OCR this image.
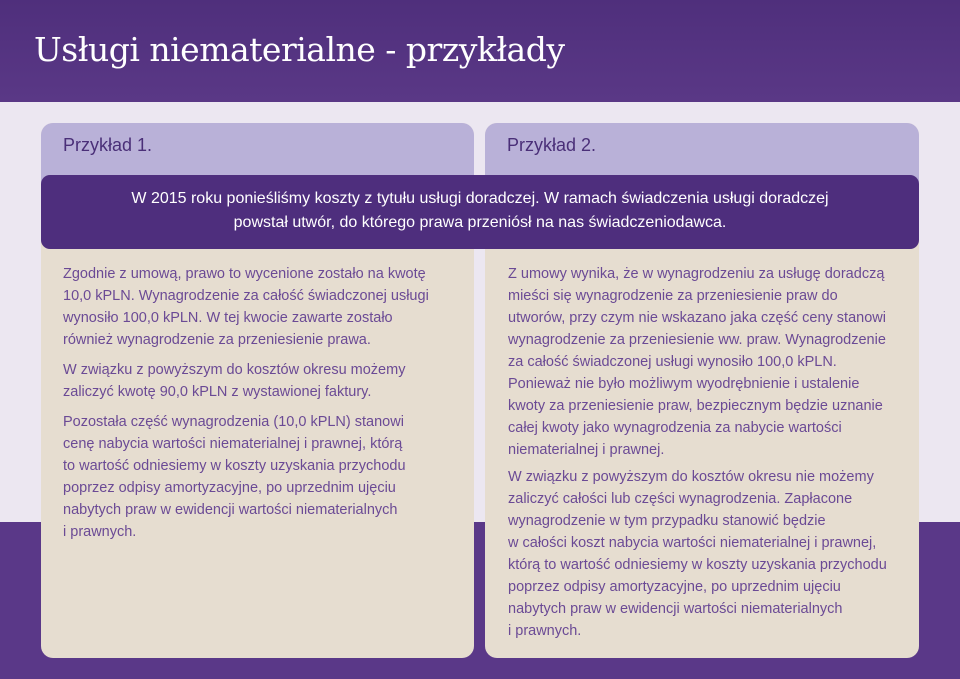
Usługi niematerialne - przykłady
Przykład 1.	Przykład 2.

W 2015 roku ponieśliśmy koszty z tytułu usługi doradczej. W ramach świadczenia usługi doradczej

powstał utwór, do którego prawa przeniósł na nas świadczeniodawca.

Zgodnie z umową, prawo to wycenione zostało na kwotę
10,0 kPLN. Wynagrodzenie za całość świadczonej usługi
wynosiło 100,0 kPLN. W tej kwocie zawarte zostało
również wynagrodzenie za przeniesienie prawa.

W związku z powyższym do kosztów okresu możemy
zaliczyć kwotę 90,0 kPLN z wystawionej faktury.

Pozostała część wynagrodzenia (10,0 kPLN) stanowi
cenę nabycia wartości niematerialnej i prawnej, którą
to wartość odniesiemy w koszty uzyskania przychodu
poprzez odpisy amortyzacyjne, po uprzednim ujęciu
nabytych praw w ewidencji wartości niematerialnych
i prawnych.

Z umowy wynika, że w wynagrodzeniu za usługę doradczą
mieści się wynagrodzenie za przeniesienie praw do
utworów, przy czym nie wskazano jaka część ceny stanowi
wynagrodzenie za przeniesienie ww. praw. Wynagrodzenie
za całość świadczonej usługi wynosiło 100,0 kPLN.
Ponieważ nie było możliwym wyodrębnienie i ustalenie
kwoty za przeniesienie praw, bezpiecznym będzie uznanie
całej kwoty jako wynagrodzenia za nabycie wartości
niematerialnej i prawnej.

W związku z powyższym do kosztów okresu nie możemy
zaliczyć całości lub części wynagrodzenia. Zapłacone
wynagrodzenie w tym przypadku stanowić będzie
w całości koszt nabycia wartości niematerialnej i prawnej,
którą to wartość odniesiemy w koszty uzyskania przychodu
poprzez odpisy amortyzacyjne, po uprzednim ujęciu
nabytych praw w ewidencji wartości niematerialnych
i prawnych.
